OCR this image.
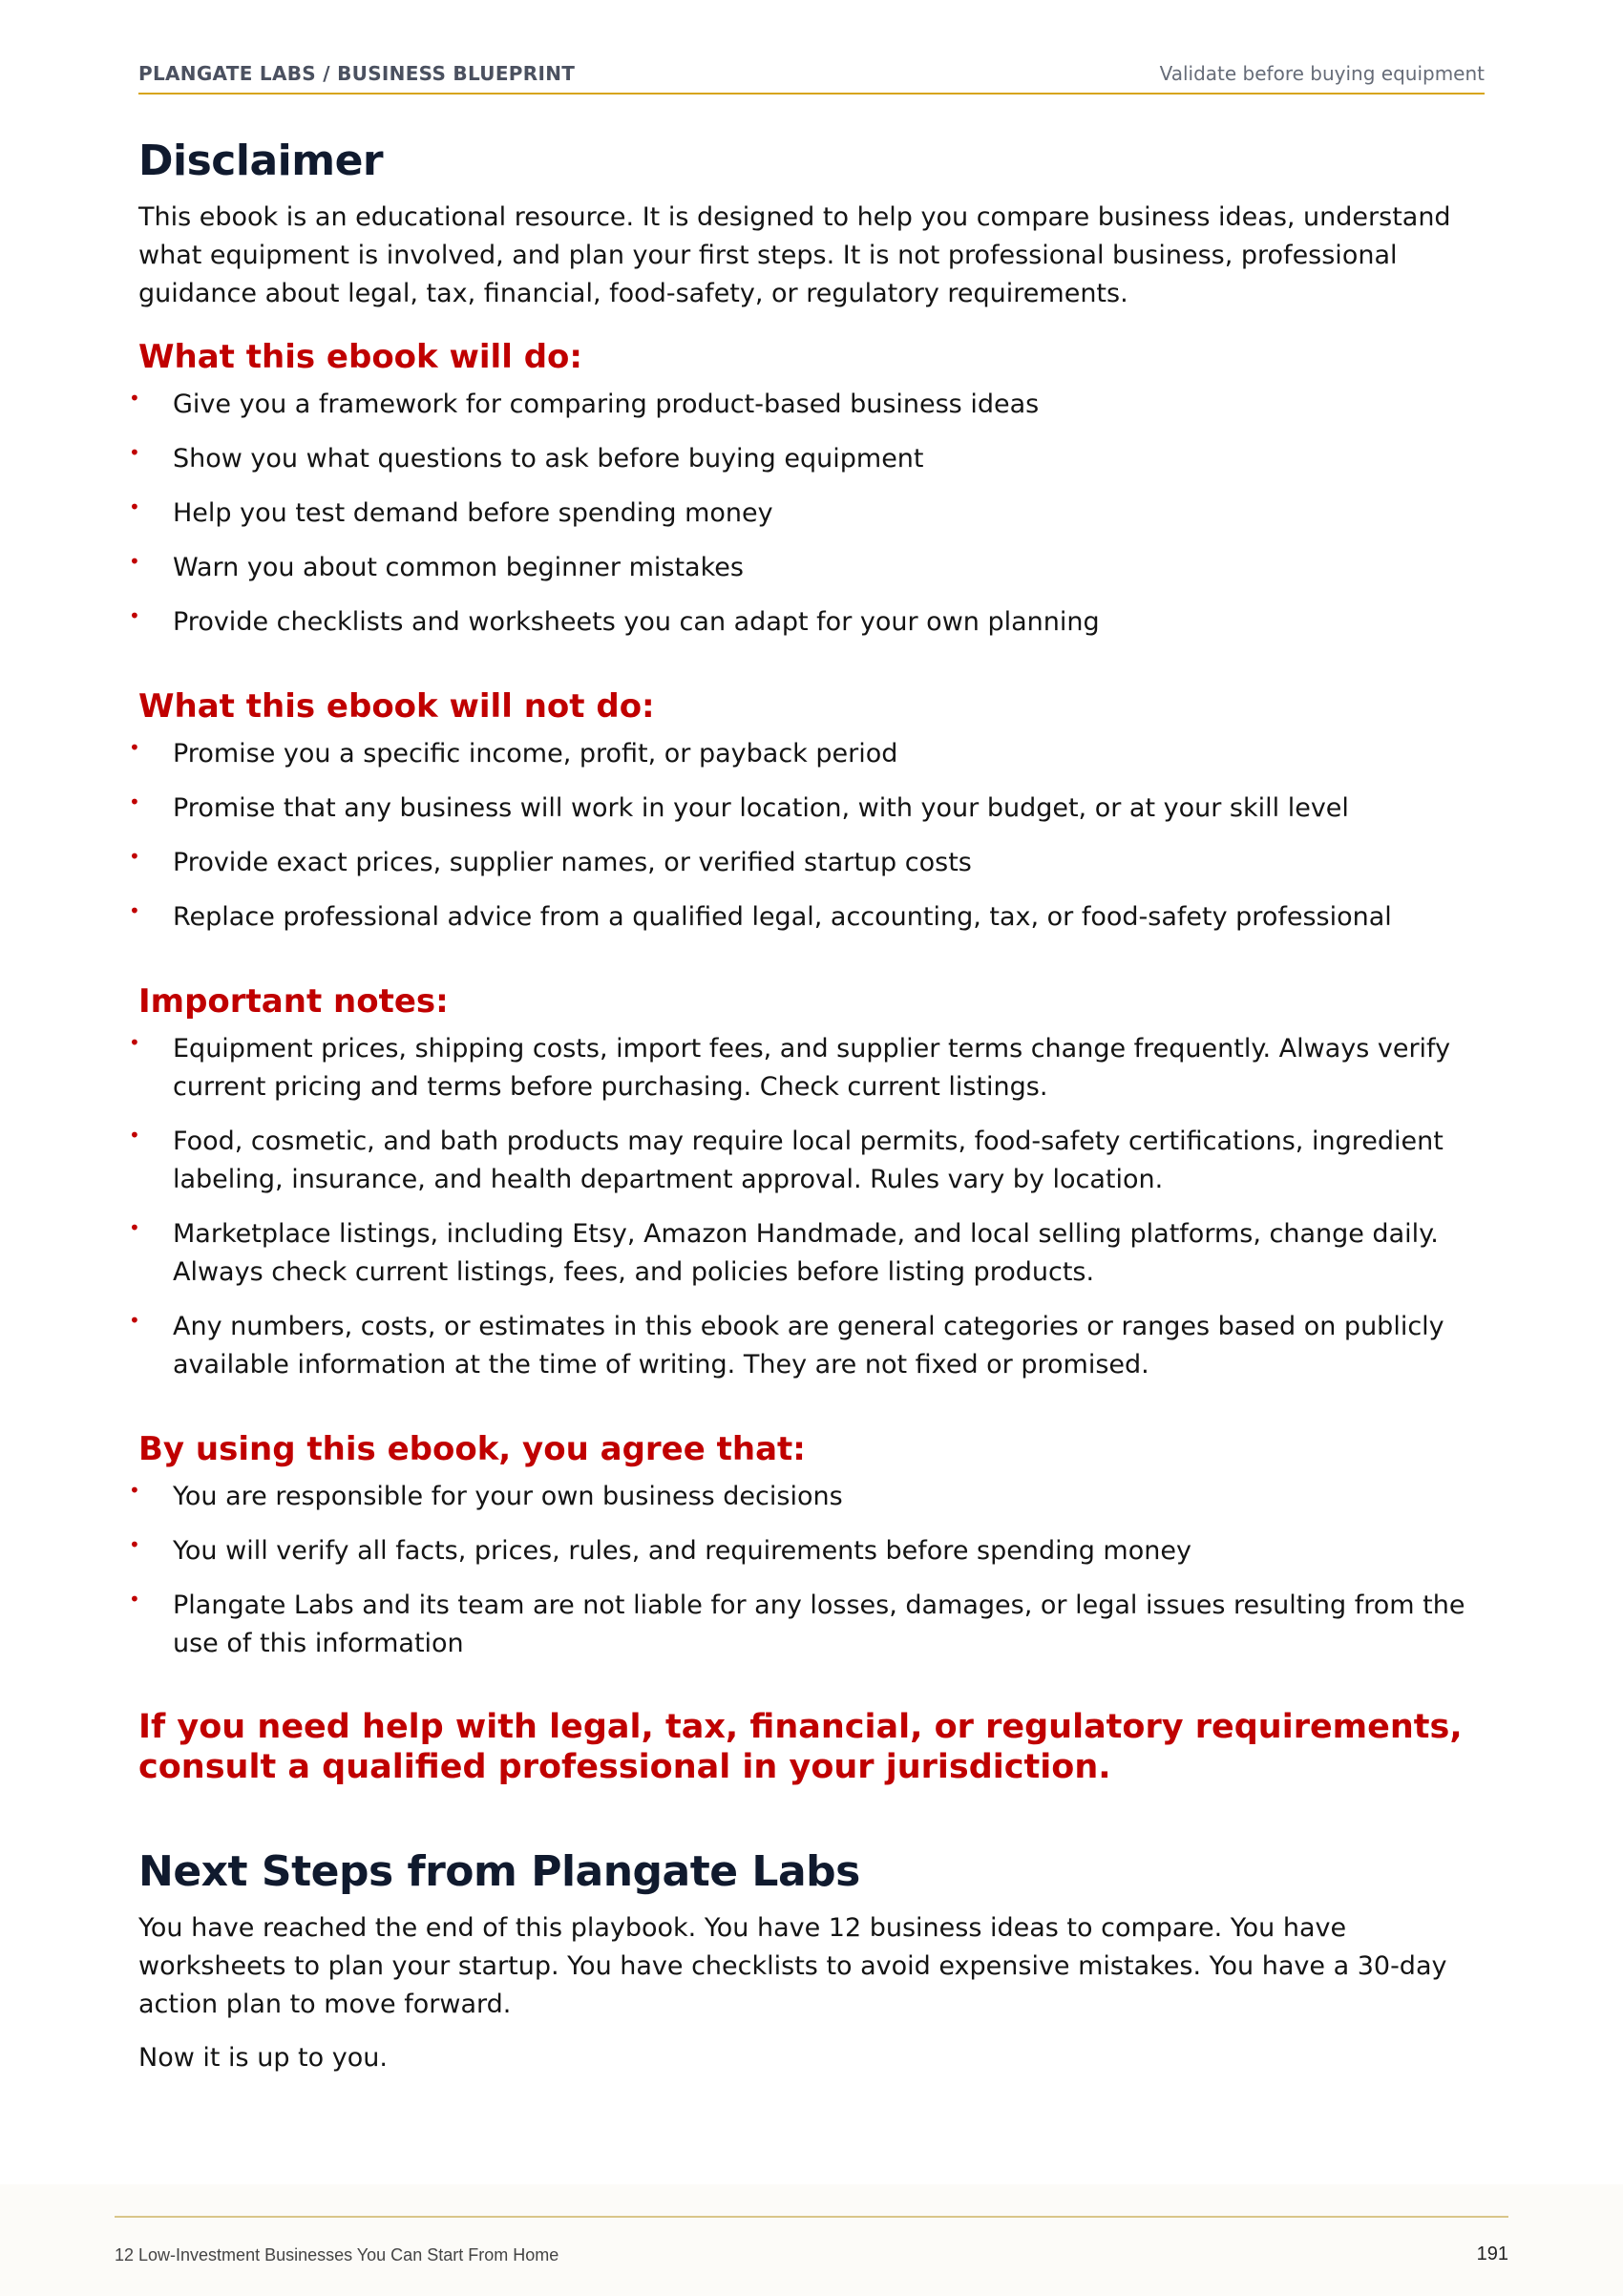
PLANGATE LABS / BUSINESS BLUEPRINT	Validate before buying equipment
Disclaimer

This ebook is an educational resource. It is designed to help you compare business ideas, understand what equipment is involved, and plan your first steps. It is not professional business, professional guidance about legal, tax, financial, food-safety, or regulatory requirements.

What this ebook will do:
• Give you a framework for comparing product-based business ideas
• Show you what questions to ask before buying equipment
• Help you test demand before spending money
• Warn you about common beginner mistakes
• Provide checklists and worksheets you can adapt for your own planning
What this ebook will not do:
• Promise you a specific income, profit, or payback period
• Promise that any business will work in your location, with your budget, or at your skill level
• Provide exact prices, supplier names, or verified startup costs
• Replace professional advice from a qualified legal, accounting, tax, or food-safety professional
Important notes:
• Equipment prices, shipping costs, import fees, and supplier terms change frequently. Always verify current pricing and terms before purchasing. Check current listings.
• Food, cosmetic, and bath products may require local permits, food-safety certifications, ingredient labeling, insurance, and health department approval. Rules vary by location.
• Marketplace listings, including Etsy, Amazon Handmade, and local selling platforms, change daily. Always check current listings, fees, and policies before listing products.
• Any numbers, costs, or estimates in this ebook are general categories or ranges based on publicly available information at the time of writing. They are not fixed or promised.
By using this ebook, you agree that:
• You are responsible for your own business decisions
• You will verify all facts, prices, rules, and requirements before spending money
• Plangate Labs and its team are not liable for any losses, damages, or legal issues resulting from the use of this information

If you need help with legal, tax, financial, or regulatory requirements, consult a qualified professional in your jurisdiction.

Next Steps from Plangate Labs

You have reached the end of this playbook. You have 12 business ideas to compare. You have worksheets to plan your startup. You have checklists to avoid expensive mistakes. You have a 30-day action plan to move forward.

Now it is up to you.

12 Low-Investment Businesses You Can Start From Home	191
